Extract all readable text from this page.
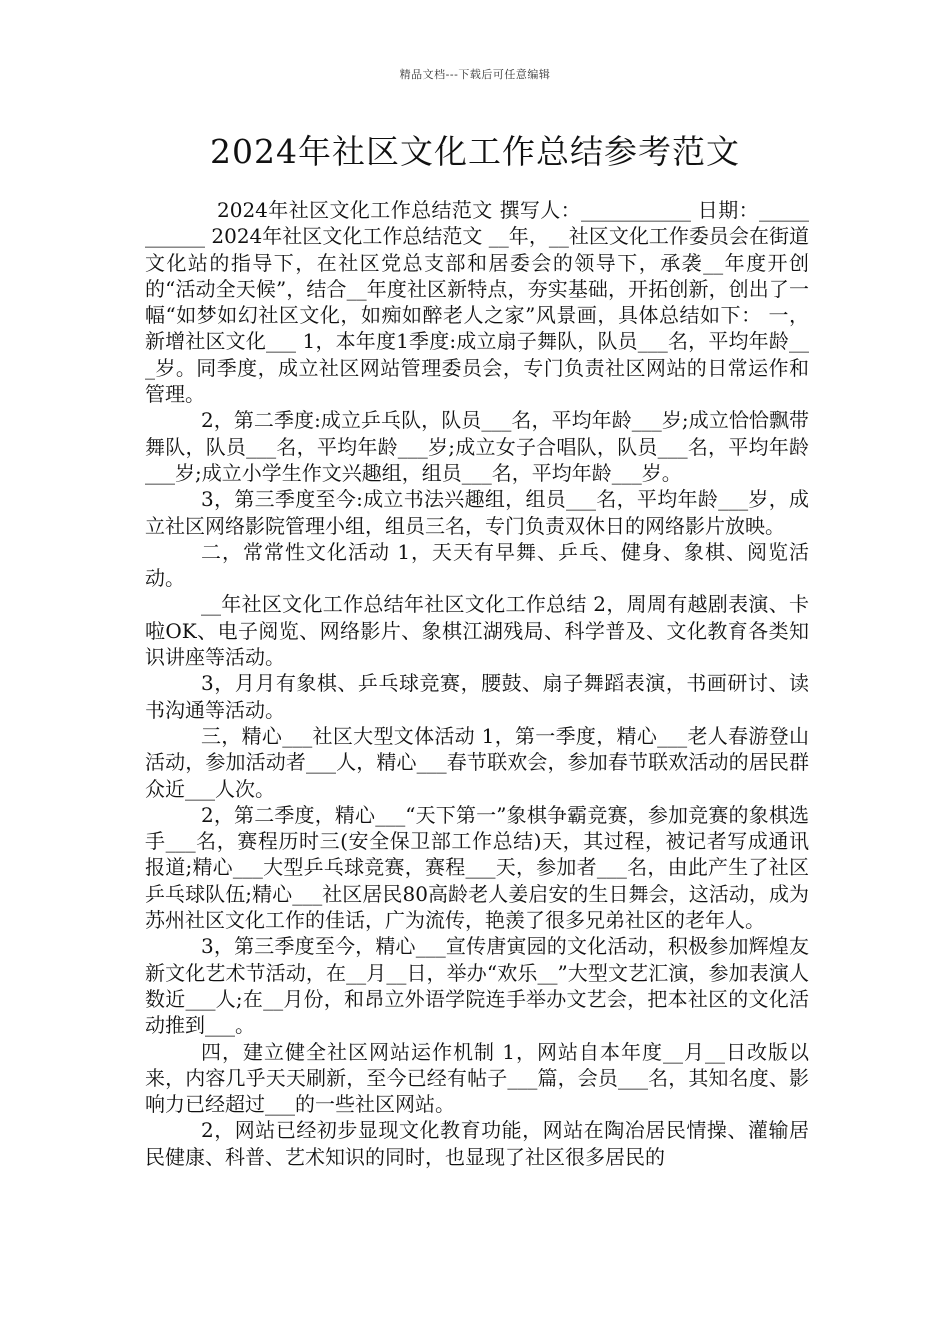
精品文档---下载后可任意编辑
2024年社区文化工作总结参考范文

2024年社区文化工作总结范文 撰写人：___________ 日期：___________ 2024年社区文化工作总结范文 __年，__社区文化工作委员会在街道文化站的指导下，在社区党总支部和居委会的领导下，承袭__年度开创的“活动全天候”，结合__年度社区新特点，夯实基础，开拓创新，创出了一幅“如梦如幻社区文化，如痴如醉老人之家”风景画，具体总结如下： 一，新增社区文化___ 1，本年度1季度:成立扇子舞队，队员___名，平均年龄___岁。同季度，成立社区网站管理委员会，专门负责社区网站的日常运作和管理。

2，第二季度:成立乒乓队，队员___名，平均年龄___岁;成立恰恰飘带舞队，队员___名，平均年龄___岁;成立女子合唱队，队员___名，平均年龄___岁;成立小学生作文兴趣组，组员___名，平均年龄___岁。

3，第三季度至今:成立书法兴趣组，组员___名，平均年龄___岁，成立社区网络影院管理小组，组员三名，专门负责双休日的网络影片放映。

二，常常性文化活动 1，天天有早舞、乒乓、健身、象棋、阅览活动。

__年社区文化工作总结年社区文化工作总结 2，周周有越剧表演、卡啦OK、电子阅览、网络影片、象棋江湖残局、科学普及、文化教育各类知识讲座等活动。

3，月月有象棋、乒乓球竞赛，腰鼓、扇子舞蹈表演，书画研讨、读书沟通等活动。

三，精心___社区大型文体活动 1，第一季度，精心___老人春游登山活动，参加活动者___人，精心___春节联欢会，参加春节联欢活动的居民群众近___人次。

2，第二季度，精心___“天下第一”象棋争霸竞赛，参加竞赛的象棋选手___名，赛程历时三(安全保卫部工作总结)天，其过程，被记者写成通讯报道;精心___大型乒乓球竞赛，赛程___天，参加者___名，由此产生了社区乒乓球队伍;精心___社区居民80高龄老人姜启安的生日舞会，这活动，成为苏州社区文化工作的佳话，广为流传，艳羡了很多兄弟社区的老年人。

3，第三季度至今，精心___宣传唐寅园的文化活动，积极参加辉煌友新文化艺术节活动，在__月__日，举办“欢乐__”大型文艺汇演，参加表演人数近___人;在__月份，和昂立外语学院连手举办文艺会，把本社区的文化活动推到___。

四，建立健全社区网站运作机制 1，网站自本年度__月__日改版以来，内容几乎天天刷新，至今已经有帖子___篇，会员___名，其知名度、影响力已经超过___的一些社区网站。

2，网站已经初步显现文化教育功能，网站在陶冶居民情操、灌输居民健康、科普、艺术知识的同时，也显现了社区很多居民的
